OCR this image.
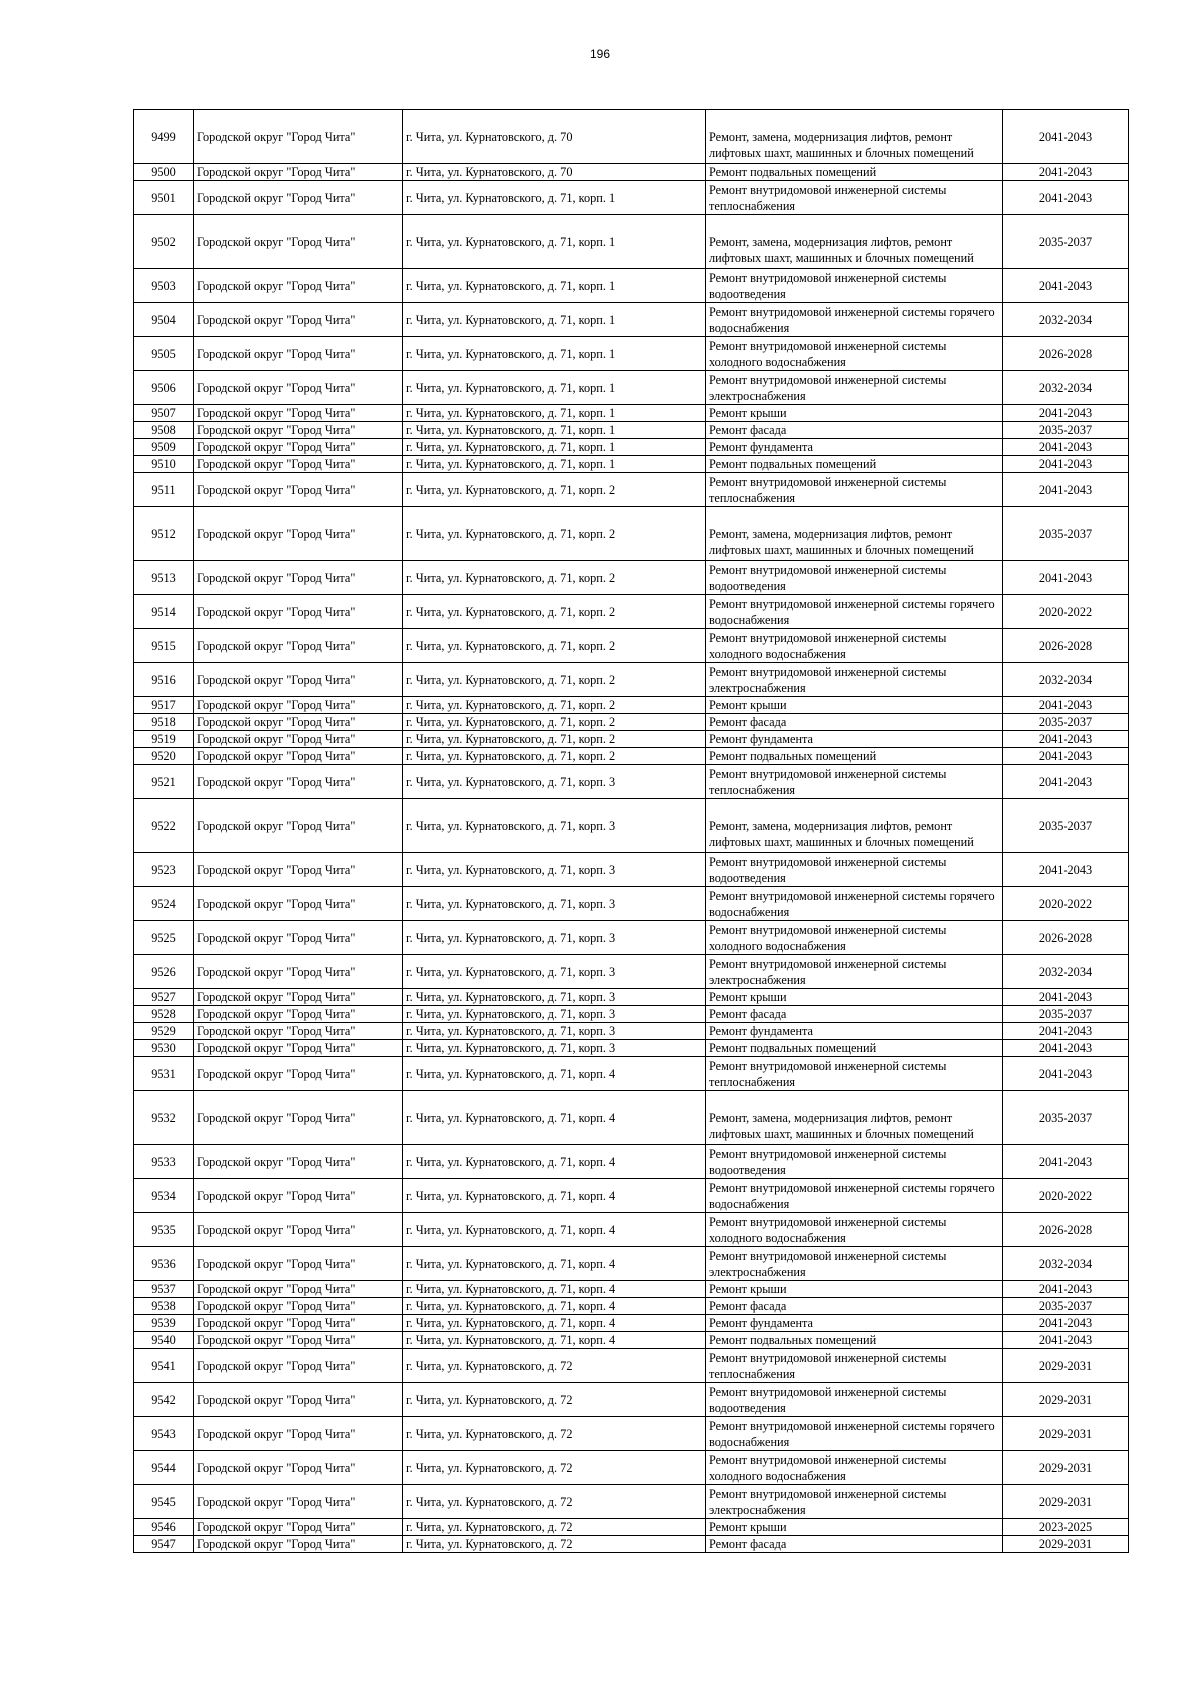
196
9499	Городской округ "Город Чита"	г. Чита, ул. Курнатовского, д. 70	Ремонт, замена, модернизация лифтов, ремонт лифтовых шахт, машинных и блочных помещений	2041-2043
9500	Городской округ "Город Чита"	г. Чита, ул. Курнатовского, д. 70	Ремонт подвальных помещений	2041-2043
9501	Городской округ "Город Чита"	г. Чита, ул. Курнатовского, д. 71, корп. 1	Ремонт внутридомовой инженерной системы теплоснабжения	2041-2043
9502	Городской округ "Город Чита"	г. Чита, ул. Курнатовского, д. 71, корп. 1	Ремонт, замена, модернизация лифтов, ремонт лифтовых шахт, машинных и блочных помещений	2035-2037
9503	Городской округ "Город Чита"	г. Чита, ул. Курнатовского, д. 71, корп. 1	Ремонт внутридомовой инженерной системы водоотведения	2041-2043
9504	Городской округ "Город Чита"	г. Чита, ул. Курнатовского, д. 71, корп. 1	Ремонт внутридомовой инженерной системы горячего водоснабжения	2032-2034
9505	Городской округ "Город Чита"	г. Чита, ул. Курнатовского, д. 71, корп. 1	Ремонт внутридомовой инженерной системы холодного водоснабжения	2026-2028
9506	Городской округ "Город Чита"	г. Чита, ул. Курнатовского, д. 71, корп. 1	Ремонт внутридомовой инженерной системы электроснабжения	2032-2034
9507	Городской округ "Город Чита"	г. Чита, ул. Курнатовского, д. 71, корп. 1	Ремонт крыши	2041-2043
9508	Городской округ "Город Чита"	г. Чита, ул. Курнатовского, д. 71, корп. 1	Ремонт фасада	2035-2037
9509	Городской округ "Город Чита"	г. Чита, ул. Курнатовского, д. 71, корп. 1	Ремонт фундамента	2041-2043
9510	Городской округ "Город Чита"	г. Чита, ул. Курнатовского, д. 71, корп. 1	Ремонт подвальных помещений	2041-2043
9511	Городской округ "Город Чита"	г. Чита, ул. Курнатовского, д. 71, корп. 2	Ремонт внутридомовой инженерной системы теплоснабжения	2041-2043
9512	Городской округ "Город Чита"	г. Чита, ул. Курнатовского, д. 71, корп. 2	Ремонт, замена, модернизация лифтов, ремонт лифтовых шахт, машинных и блочных помещений	2035-2037
9513	Городской округ "Город Чита"	г. Чита, ул. Курнатовского, д. 71, корп. 2	Ремонт внутридомовой инженерной системы водоотведения	2041-2043
9514	Городской округ "Город Чита"	г. Чита, ул. Курнатовского, д. 71, корп. 2	Ремонт внутридомовой инженерной системы горячего водоснабжения	2020-2022
9515	Городской округ "Город Чита"	г. Чита, ул. Курнатовского, д. 71, корп. 2	Ремонт внутридомовой инженерной системы холодного водоснабжения	2026-2028
9516	Городской округ "Город Чита"	г. Чита, ул. Курнатовского, д. 71, корп. 2	Ремонт внутридомовой инженерной системы электроснабжения	2032-2034
9517	Городской округ "Город Чита"	г. Чита, ул. Курнатовского, д. 71, корп. 2	Ремонт крыши	2041-2043
9518	Городской округ "Город Чита"	г. Чита, ул. Курнатовского, д. 71, корп. 2	Ремонт фасада	2035-2037
9519	Городской округ "Город Чита"	г. Чита, ул. Курнатовского, д. 71, корп. 2	Ремонт фундамента	2041-2043
9520	Городской округ "Город Чита"	г. Чита, ул. Курнатовского, д. 71, корп. 2	Ремонт подвальных помещений	2041-2043
9521	Городской округ "Город Чита"	г. Чита, ул. Курнатовского, д. 71, корп. 3	Ремонт внутридомовой инженерной системы теплоснабжения	2041-2043
9522	Городской округ "Город Чита"	г. Чита, ул. Курнатовского, д. 71, корп. 3	Ремонт, замена, модернизация лифтов, ремонт лифтовых шахт, машинных и блочных помещений	2035-2037
9523	Городской округ "Город Чита"	г. Чита, ул. Курнатовского, д. 71, корп. 3	Ремонт внутридомовой инженерной системы водоотведения	2041-2043
9524	Городской округ "Город Чита"	г. Чита, ул. Курнатовского, д. 71, корп. 3	Ремонт внутридомовой инженерной системы горячего водоснабжения	2020-2022
9525	Городской округ "Город Чита"	г. Чита, ул. Курнатовского, д. 71, корп. 3	Ремонт внутридомовой инженерной системы холодного водоснабжения	2026-2028
9526	Городской округ "Город Чита"	г. Чита, ул. Курнатовского, д. 71, корп. 3	Ремонт внутридомовой инженерной системы электроснабжения	2032-2034
9527	Городской округ "Город Чита"	г. Чита, ул. Курнатовского, д. 71, корп. 3	Ремонт крыши	2041-2043
9528	Городской округ "Город Чита"	г. Чита, ул. Курнатовского, д. 71, корп. 3	Ремонт фасада	2035-2037
9529	Городской округ "Город Чита"	г. Чита, ул. Курнатовского, д. 71, корп. 3	Ремонт фундамента	2041-2043
9530	Городской округ "Город Чита"	г. Чита, ул. Курнатовского, д. 71, корп. 3	Ремонт подвальных помещений	2041-2043
9531	Городской округ "Город Чита"	г. Чита, ул. Курнатовского, д. 71, корп. 4	Ремонт внутридомовой инженерной системы теплоснабжения	2041-2043
9532	Городской округ "Город Чита"	г. Чита, ул. Курнатовского, д. 71, корп. 4	Ремонт, замена, модернизация лифтов, ремонт лифтовых шахт, машинных и блочных помещений	2035-2037
9533	Городской округ "Город Чита"	г. Чита, ул. Курнатовского, д. 71, корп. 4	Ремонт внутридомовой инженерной системы водоотведения	2041-2043
9534	Городской округ "Город Чита"	г. Чита, ул. Курнатовского, д. 71, корп. 4	Ремонт внутридомовой инженерной системы горячего водоснабжения	2020-2022
9535	Городской округ "Город Чита"	г. Чита, ул. Курнатовского, д. 71, корп. 4	Ремонт внутридомовой инженерной системы холодного водоснабжения	2026-2028
9536	Городской округ "Город Чита"	г. Чита, ул. Курнатовского, д. 71, корп. 4	Ремонт внутридомовой инженерной системы электроснабжения	2032-2034
9537	Городской округ "Город Чита"	г. Чита, ул. Курнатовского, д. 71, корп. 4	Ремонт крыши	2041-2043
9538	Городской округ "Город Чита"	г. Чита, ул. Курнатовского, д. 71, корп. 4	Ремонт фасада	2035-2037
9539	Городской округ "Город Чита"	г. Чита, ул. Курнатовского, д. 71, корп. 4	Ремонт фундамента	2041-2043
9540	Городской округ "Город Чита"	г. Чита, ул. Курнатовского, д. 71, корп. 4	Ремонт подвальных помещений	2041-2043
9541	Городской округ "Город Чита"	г. Чита, ул. Курнатовского, д. 72	Ремонт внутридомовой инженерной системы теплоснабжения	2029-2031
9542	Городской округ "Город Чита"	г. Чита, ул. Курнатовского, д. 72	Ремонт внутридомовой инженерной системы водоотведения	2029-2031
9543	Городской округ "Город Чита"	г. Чита, ул. Курнатовского, д. 72	Ремонт внутридомовой инженерной системы горячего водоснабжения	2029-2031
9544	Городской округ "Город Чита"	г. Чита, ул. Курнатовского, д. 72	Ремонт внутридомовой инженерной системы холодного водоснабжения	2029-2031
9545	Городской округ "Город Чита"	г. Чита, ул. Курнатовского, д. 72	Ремонт внутридомовой инженерной системы электроснабжения	2029-2031
9546	Городской округ "Город Чита"	г. Чита, ул. Курнатовского, д. 72	Ремонт крыши	2023-2025
9547	Городской округ "Город Чита"	г. Чита, ул. Курнатовского, д. 72	Ремонт фасада	2029-2031
